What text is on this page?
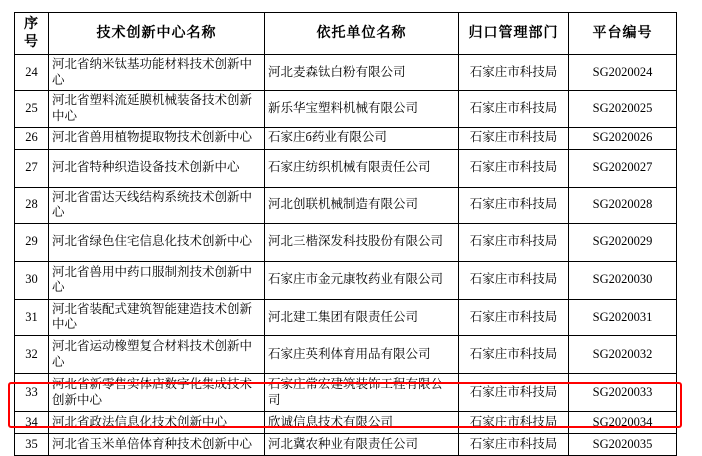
序号	技术创新中心名称	依托单位名称	归口管理部门	平台编号
24	河北省纳米钛基功能材料技术创新中心	河北麦森钛白粉有限公司	石家庄市科技局	SG2020024
25	河北省塑料流延膜机械装备技术创新中心	新乐华宝塑料机械有限公司	石家庄市科技局	SG2020025
26	河北省兽用植物提取物技术创新中心	石家庄б药业有限公司	石家庄市科技局	SG2020026
27	河北省特种织造设备技术创新中心	石家庄纺织机械有限责任公司	石家庄市科技局	SG2020027
28	河北省雷达天线结构系统技术创新中心	河北创联机械制造有限公司	石家庄市科技局	SG2020028
29	河北省绿色住宅信息化技术创新中心	河北三楷深发科技股份有限公司	石家庄市科技局	SG2020029
30	河北省兽用中药口服制剂技术创新中心	石家庄市金元康牧药业有限公司	石家庄市科技局	SG2020030
31	河北省装配式建筑智能建造技术创新中心	河北建工集团有限责任公司	石家庄市科技局	SG2020031
32	河北省运动橡塑复合材料技术创新中心	石家庄英利体育用品有限公司	石家庄市科技局	SG2020032
33	河北省新零售实体店数字化集成技术创新中心	石家庄常宏建筑装饰工程有限公司	石家庄市科技局	SG2020033
34	河北省政法信息化技术创新中心	欣诚信息技术有限公司	石家庄市科技局	SG2020034
35	河北省玉米单倍体育种技术创新中心	河北冀农种业有限责任公司	石家庄市科技局	SG2020035
